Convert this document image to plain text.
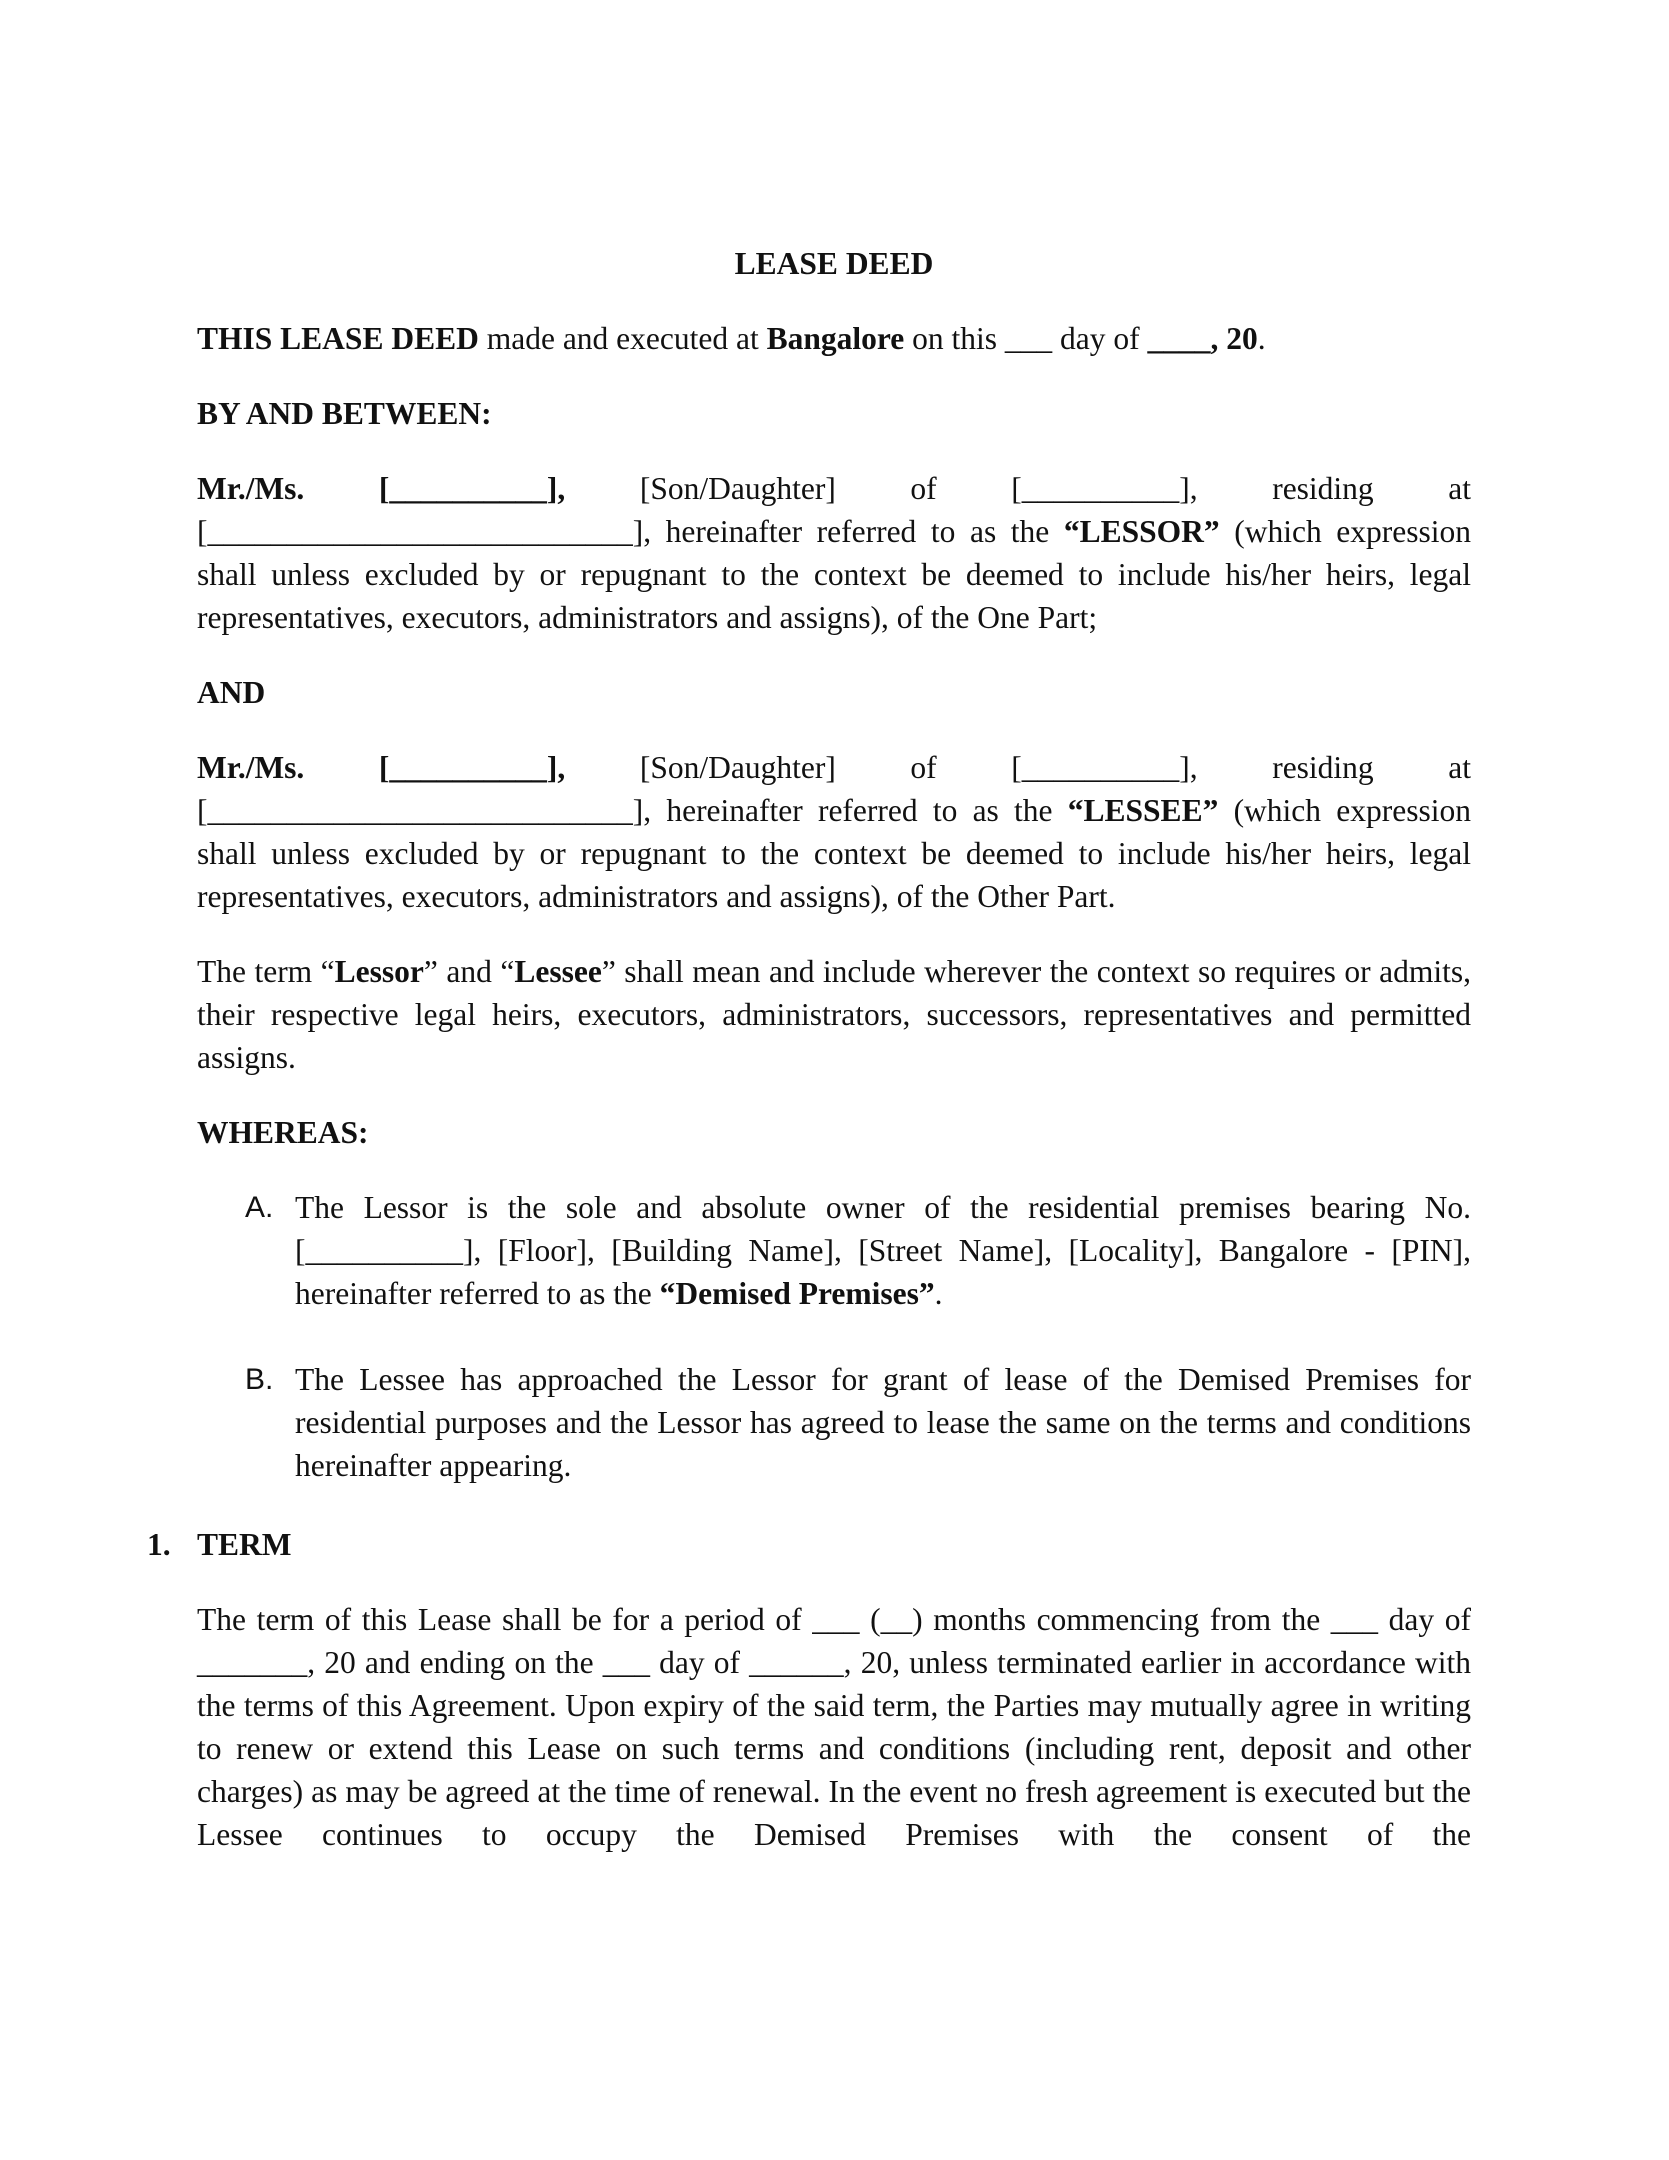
LEASE DEED

THIS LEASE DEED made and executed at Bangalore on this ___ day of ____, 20.

BY AND BETWEEN:
Mr./Ms. [__________], [Son/Daughter] of [__________], residing at
[___________________________], hereinafter referred to as the “LESSOR” (which expression shall unless excluded by or repugnant to the context be deemed to include his/her heirs, legal representatives, executors, administrators and assigns), of the One Part;
AND
Mr./Ms. [__________], [Son/Daughter] of [__________], residing at
[___________________________], hereinafter referred to as the “LESSEE” (which expression shall unless excluded by or repugnant to the context be deemed to include his/her heirs, legal representatives, executors, administrators and assigns), of the Other Part.

The term “Lessor” and “Lessee” shall mean and include wherever the context so requires or admits, their respective legal heirs, executors, administrators, successors, representatives and permitted assigns.

WHEREAS:
A. The Lessor is the sole and absolute owner of the residential premises bearing No. [__________], [Floor], [Building Name], [Street Name], [Locality], Bangalore - [PIN], hereinafter referred to as the “Demised Premises”.
B. The Lessee has approached the Lessor for grant of lease of the Demised Premises for residential purposes and the Lessor has agreed to lease the same on the terms and conditions hereinafter appearing.
1. TERM

The term of this Lease shall be for a period of ___ (__) months commencing from the ___ day of _______, 20 and ending on the ___ day of ______, 20, unless terminated earlier in accordance with the terms of this Agreement. Upon expiry of the said term, the Parties may mutually agree in writing to renew or extend this Lease on such terms and conditions (including rent, deposit and other charges) as may be agreed at the time of renewal. In the event no fresh agreement is executed but the Lessee continues to occupy the Demised Premises with the consent of the
